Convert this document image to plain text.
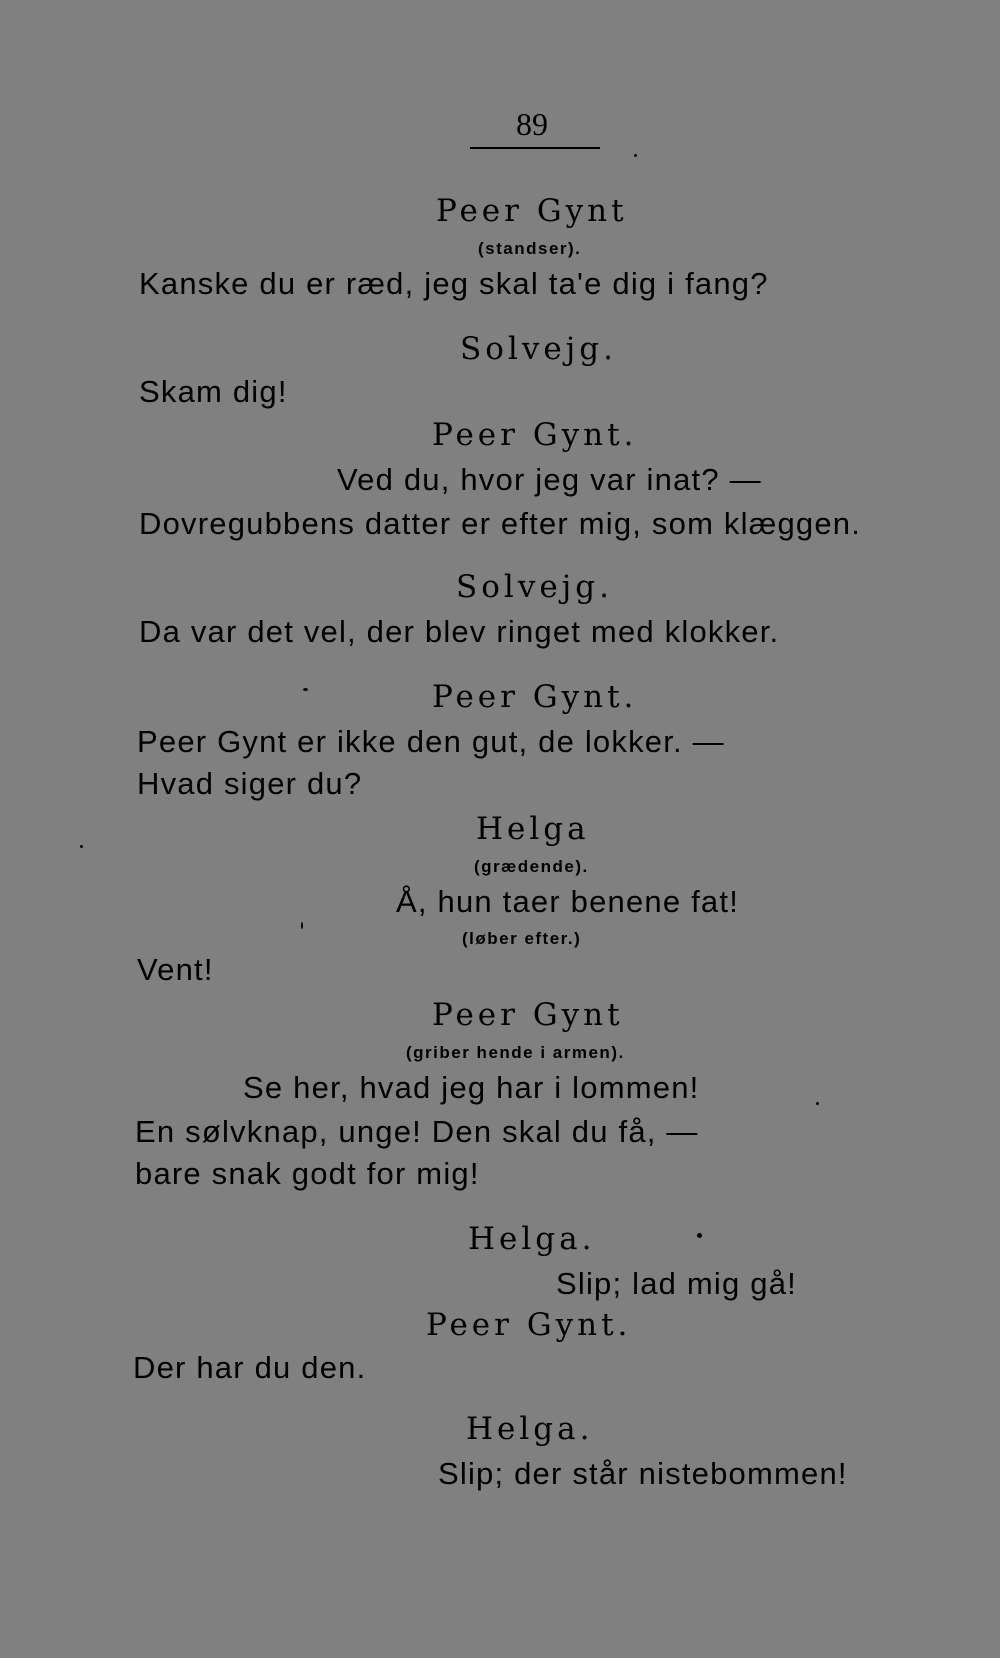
89
Peer Gynt
(standser).
Kanske du er ræd, jeg skal ta'e dig i fang?
Solvejg.
Skam dig!
Peer Gynt.
Ved du, hvor jeg var inat? —
Dovregubbens datter er efter mig, som klæggen.
Solvejg.
Da var det vel, der blev ringet med klokker.
Peer Gynt.
Peer Gynt er ikke den gut, de lokker. —
Hvad siger du?
Helga
(grædende).
Å, hun taer benene fat!
(løber efter.)
Vent!
Peer Gynt
(griber hende i armen).
Se her, hvad jeg har i lommen!
En sølvknap, unge! Den skal du få, —
bare snak godt for mig!
Helga.
Slip; lad mig gå!
Peer Gynt.
Der har du den.
Helga.
Slip; der står nistebommen!
